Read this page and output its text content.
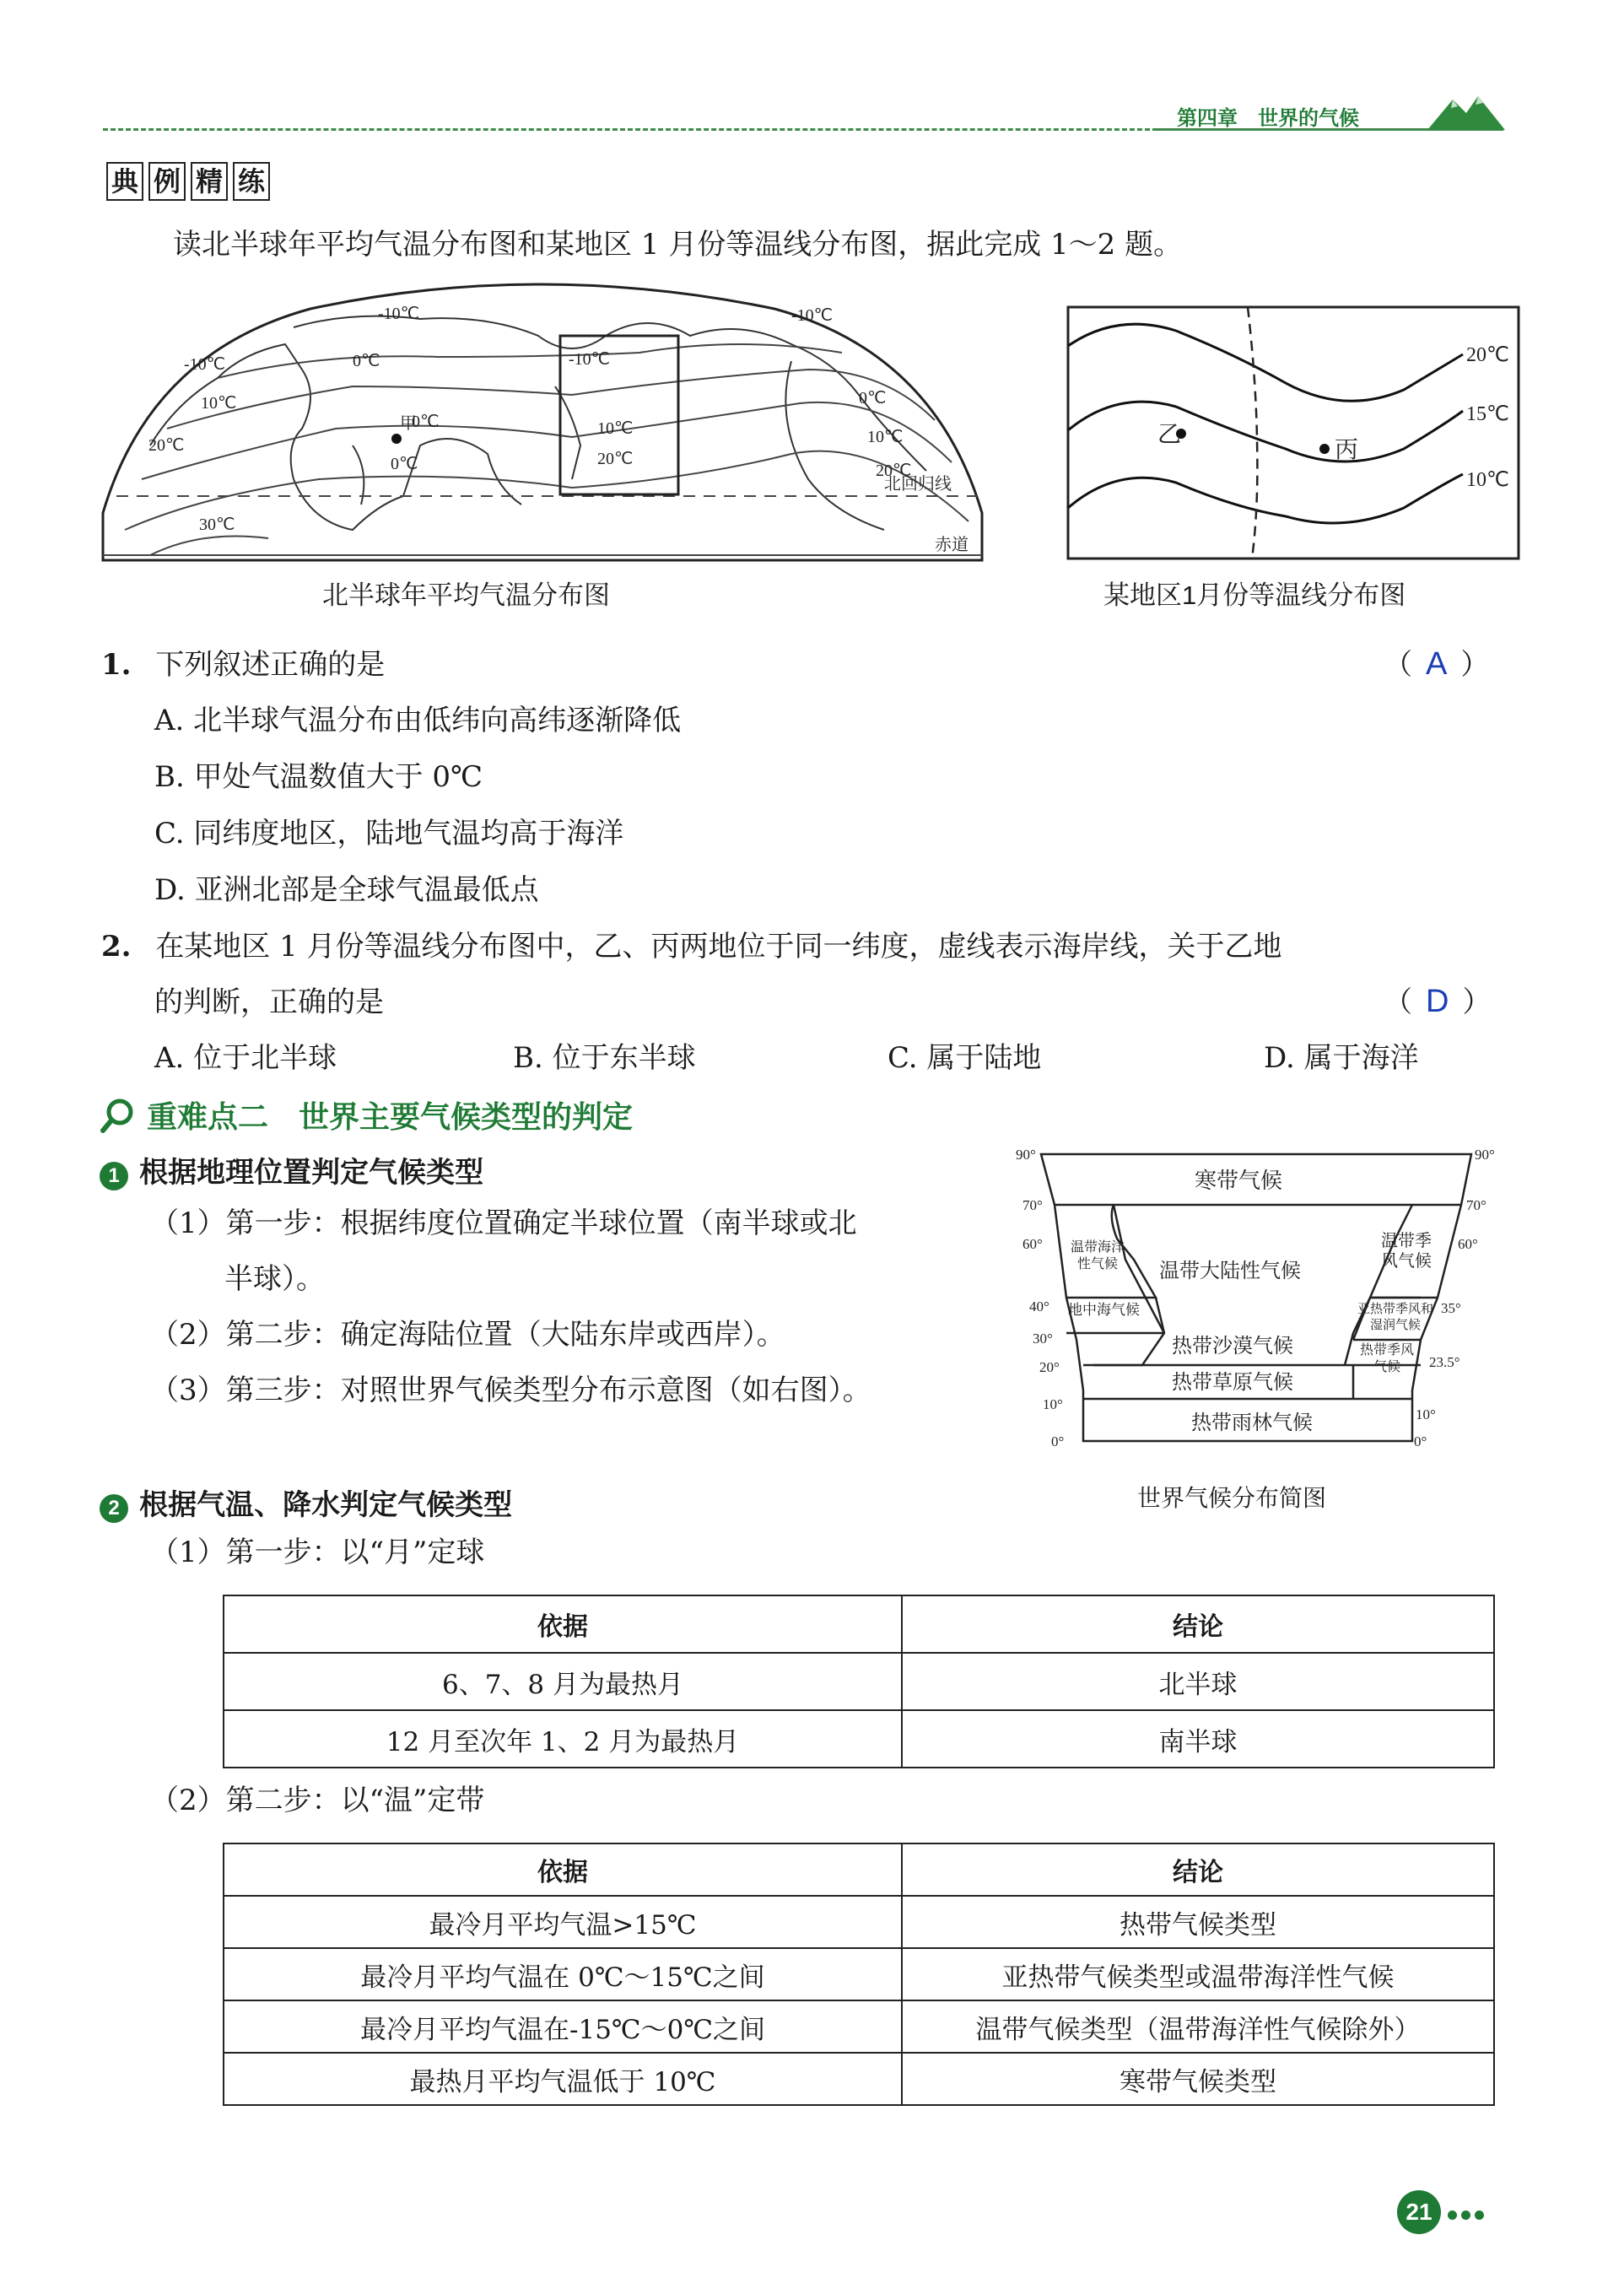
第四章　世界的气候
典 例 精 练
读北半球年平均气温分布图和某地区 1 月份等温线分布图，据此完成 1～2 题。
-10℃	-10℃
-10℃	-10℃
0℃
0℃
0℃
0℃
10℃	10℃
10℃
20℃
20℃
20℃
30℃
甲
北回归线
赤道
北半球年平均气温分布图
20℃
15℃
10℃
乙
丙
某地区1月份等温线分布图
1. 下列叙述正确的是	（ A ）
A. 北半球气温分布由低纬向高纬逐渐降低
B. 甲处气温数值大于 0℃
C. 同纬度地区，陆地气温均高于海洋
D. 亚洲北部是全球气温最低点
2. 在某地区 1 月份等温线分布图中，乙、丙两地位于同一纬度，虚线表示海岸线，关于乙地
的判断，正确的是	（ D ）
A. 位于北半球	B. 位于东半球	C. 属于陆地	D. 属于海洋
重难点二　世界主要气候类型的判定
1 根据地理位置判定气候类型
（1）第一步：根据纬度位置确定半球位置（南半球或北
半球）。
（2）第二步：确定海陆位置（大陆东岸或西岸）。
（3）第三步：对照世界气候类型分布示意图（如右图）。
90°
70°
60°
40°
30°
20°
10°
0°
90°
70°
60°
35°
23.5°
10°
0°
寒带气候
温带大陆性气候
地中海气候
热带沙漠气候
热带草原气候
热带雨林气候
温带海洋性气候
温带季风气候
亚热带季风和湿润气候
热带季风气候
世界气候分布简图
2 根据气温、降水判定气候类型
（1）第一步：以“月”定球
依据	结论
6、7、8 月为最热月	北半球
12 月至次年 1、2 月为最热月	南半球
（2）第二步：以“温”定带
依据	结论
最冷月平均气温>15℃	热带气候类型
最冷月平均气温在 0℃～15℃之间	亚热带气候类型或温带海洋性气候
最冷月平均气温在-15℃～0℃之间	温带气候类型（温带海洋性气候除外）
最热月平均气温低于 10℃	寒带气候类型
21
